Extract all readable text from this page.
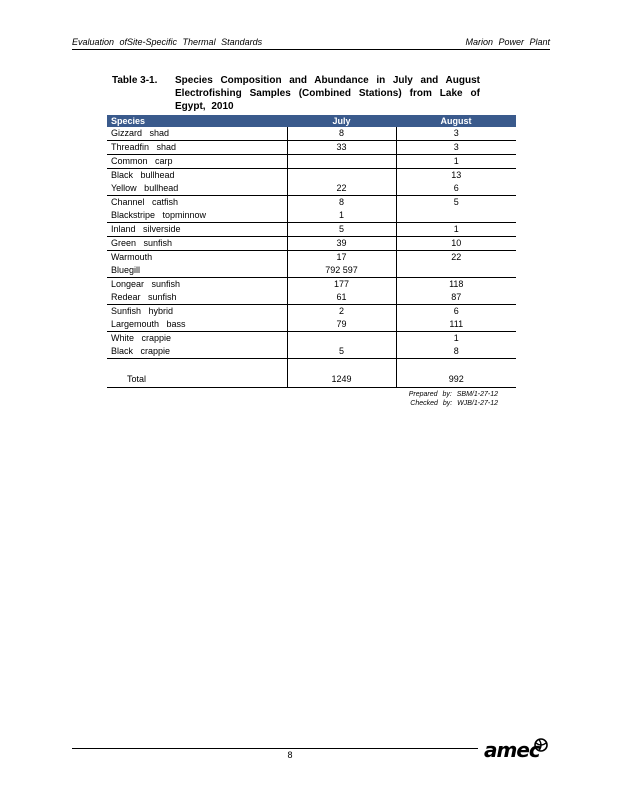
Evaluation ofSite-Specific Thermal Standards	Marion Power Plant
Table 3-1.	Species Composition and Abundance in July and August Electrofishing Samples (Combined Stations) from Lake of Egypt, 2010
Species	July	August
Gizzard shad	8	3
Threadfin shad	33	3
Common carp		1
Black bullhead		13
Yellow bullhead	22	6
Channel catfish	8	5
Blackstripe topminnow	1	
Inland silverside	5	1
Green sunfish	39	10
Warmouth	17	22
Bluegill	792 597	
Longear sunfish	177	118
Redear sunfish	61	87
Sunfish hybrid	2	6
Largemouth bass	79	111
White crappie		1
Black crappie	5	8
Total	1249	992
Prepared by: SBM/1-27-12
Checked by: WJB/1-27-12
8	amec
